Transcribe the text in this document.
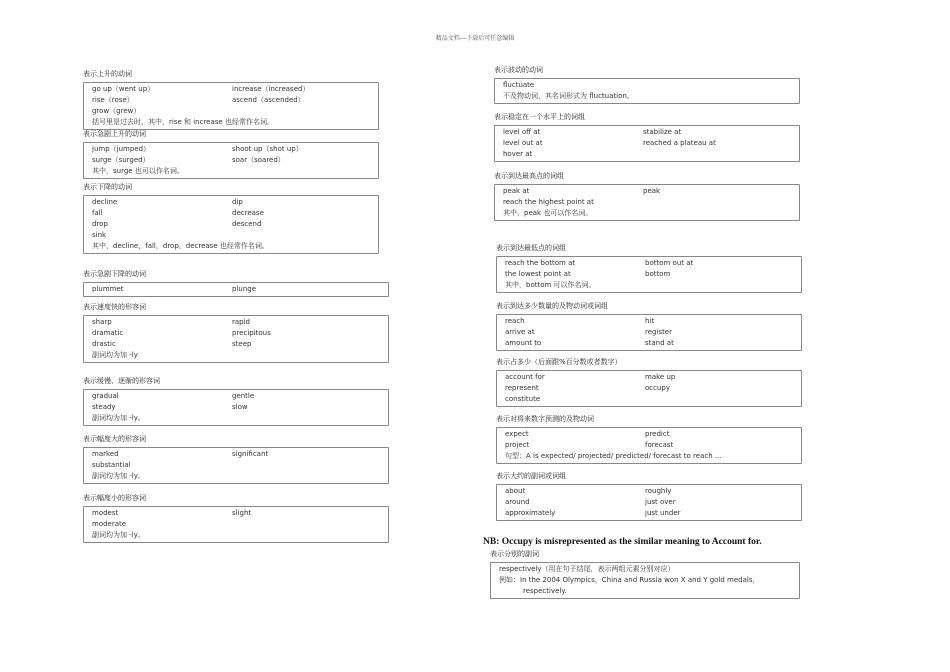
精品文档---下载后可任意编辑
表示上升的动词
go up（went up）	increase（increased）
rise（rose）	ascend（ascended）
grow（grew）
括号里是过去时，其中，rise 和 increase 也经常作名词。
表示急剧上升的动词
jump（jumped）	shoot up（shot up）
surge（surged）	soar（soared）
其中，surge 也可以作名词。
表示下降的动词
decline	dip
fall	decrease
drop	descend
sink
其中，decline，fall，drop，decrease 也经常作名词。
表示急剧下降的动词
plummet	plunge
表示速度快的形容词
sharp	rapid
dramatic	precipitous
drastic	steep
副词均为加 -ly
表示缓慢、逐渐的形容词
gradual	gentle
steady	slow
副词均为加 -ly。
表示幅度大的形容词
marked	significant
substantial
副词均为加 -ly。
表示幅度小的形容词
modest	slight
moderate
副词均为加 -ly。
表示波动的动词
fluctuate
不及物动词，其名词形式为 fluctuation。
表示稳定在一个水平上的词组
level off at	stabilize at
level out at	reached a plateau at
hover at
表示到达最高点的词组
peak at	peak
reach the highest point at
其中，peak 也可以作名词。
表示到达最低点的词组
reach the bottom at	bottom out at
the lowest point at	bottom
其中，bottom 可以作名词。
表示到达多少数量的及物动词或词组
reach	hit
arrive at	register
amount to	stand at
表示占多少（后面跟%百分数或者数字）
account for	make up
represent	occupy
constitute
表示对将来数字预测的及物动词
expect	predict
project	forecast
句型：A is expected/ projected/ predicted/ forecast to reach ...
表示大约的副词或词组
about	roughly
around	just over
approximately	just under
NB: Occupy is misrepresented as the similar meaning to Account for.
表示分别的副词
respectively（用在句子结尾，表示两组元素分别对应）
例如：In the 2004 Olympics，China and Russia won X and Y gold medals，
respectively.
